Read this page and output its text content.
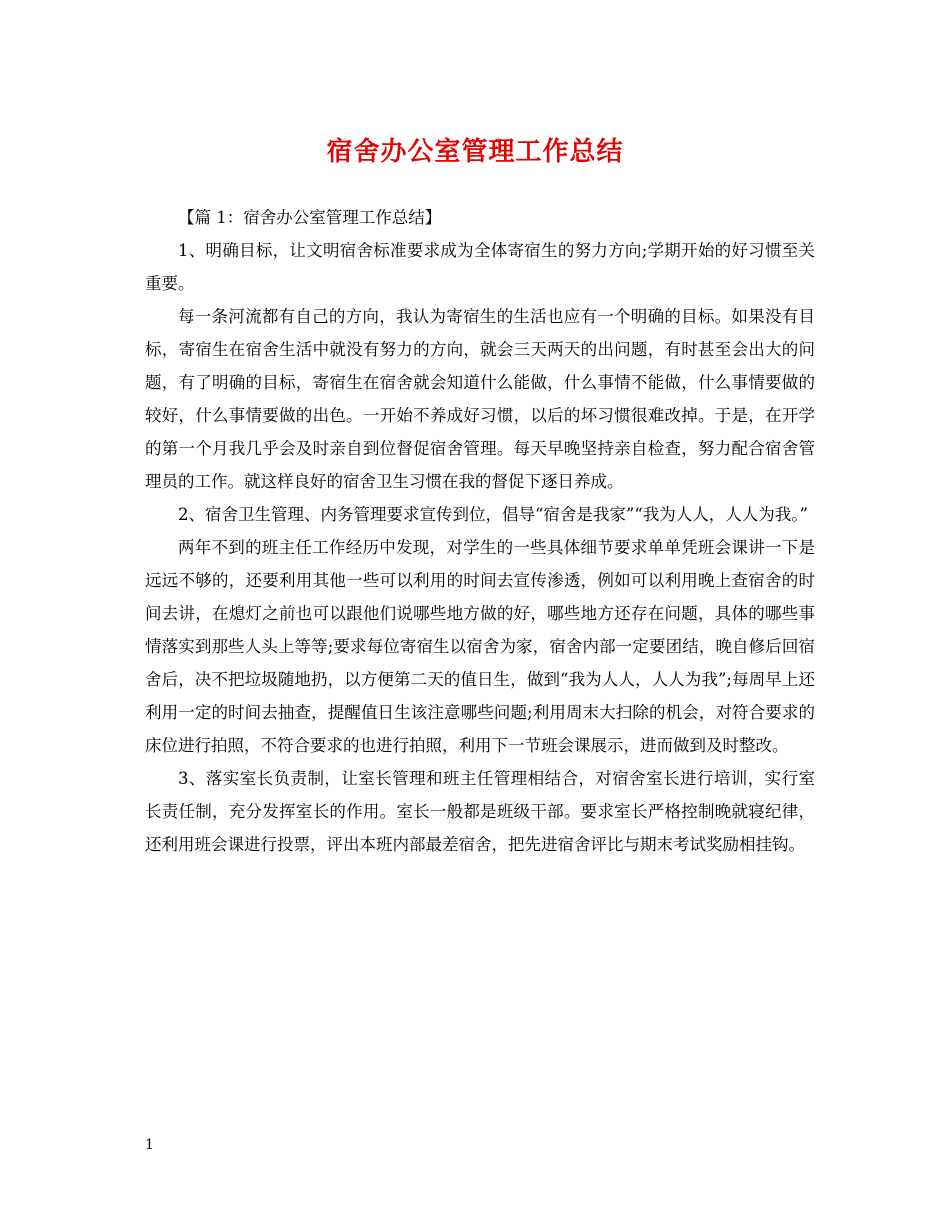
宿舍办公室管理工作总结

【篇 1：宿舍办公室管理工作总结】

1、明确目标，让文明宿舍标准要求成为全体寄宿生的努力方向;学期开始的好习惯至关重要。

每一条河流都有自己的方向，我认为寄宿生的生活也应有一个明确的目标。如果没有目标，寄宿生在宿舍生活中就没有努力的方向，就会三天两天的出问题，有时甚至会出大的问题，有了明确的目标，寄宿生在宿舍就会知道什么能做，什么事情不能做，什么事情要做的较好，什么事情要做的出色。一开始不养成好习惯，以后的坏习惯很难改掉。于是，在开学的第一个月我几乎会及时亲自到位督促宿舍管理。每天早晚坚持亲自检查，努力配合宿舍管理员的工作。就这样良好的宿舍卫生习惯在我的督促下逐日养成。

2、宿舍卫生管理、内务管理要求宣传到位，倡导“宿舍是我家”“我为人人，人人为我。”

两年不到的班主任工作经历中发现，对学生的一些具体细节要求单单凭班会课讲一下是远远不够的，还要利用其他一些可以利用的时间去宣传渗透，例如可以利用晚上查宿舍的时间去讲，在熄灯之前也可以跟他们说哪些地方做的好，哪些地方还存在问题，具体的哪些事情落实到那些人头上等等;要求每位寄宿生以宿舍为家，宿舍内部一定要团结，晚自修后回宿舍后，决不把垃圾随地扔，以方便第二天的值日生，做到“我为人人，人人为我”;每周早上还利用一定的时间去抽查，提醒值日生该注意哪些问题;利用周末大扫除的机会，对符合要求的床位进行拍照，不符合要求的也进行拍照，利用下一节班会课展示，进而做到及时整改。

3、落实室长负责制，让室长管理和班主任管理相结合，对宿舍室长进行培训，实行室长责任制，充分发挥室长的作用。室长一般都是班级干部。要求室长严格控制晚就寝纪律，还利用班会课进行投票，评出本班内部最差宿舍，把先进宿舍评比与期末考试奖励相挂钩。

1
